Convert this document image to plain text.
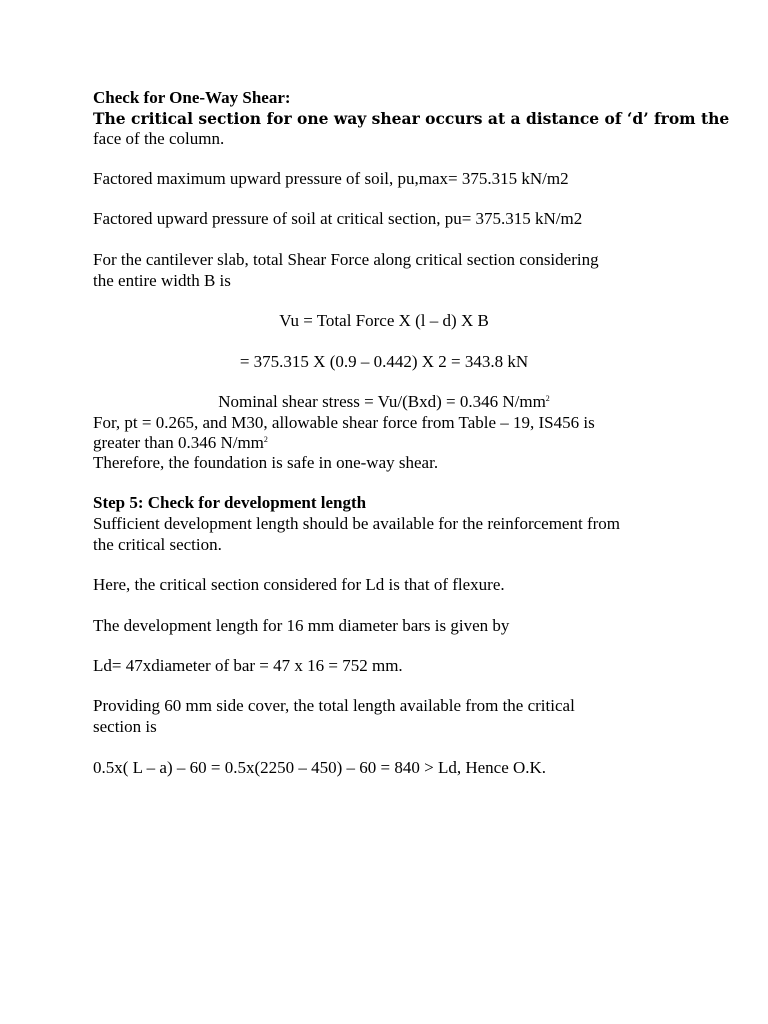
Check for One-Way Shear:
The critical section for one way shear occurs at a distance of ‘d’ from the
face of the column.
Factored maximum upward pressure of soil, pu,max= 375.315 kN/m2
Factored upward pressure of soil at critical section, pu= 375.315 kN/m2
For the cantilever slab, total Shear Force along critical section considering
the entire width B is
Vu = Total Force X (l – d) X B
= 375.315 X (0.9 – 0.442) X 2 = 343.8 kN
Nominal shear stress = Vu/(Bxd) = 0.346 $N/mm^2$
For, pt = 0.265, and M30, allowable shear force from Table – 19, IS456 is
greater than 0.346 $N/mm^2$
Therefore, the foundation is safe in one-way shear.
Step 5: Check for development length
Sufficient development length should be available for the reinforcement from
the critical section.
Here, the critical section considered for Ld is that of flexure.
The development length for 16 mm diameter bars is given by
Ld= 47xdiameter of bar = 47 x 16 = 752 mm.
Providing 60 mm side cover, the total length available from the critical
section is
0.5x( L – a) – 60 = 0.5x(2250 – 450) – 60 = 840 > Ld, Hence O.K.
